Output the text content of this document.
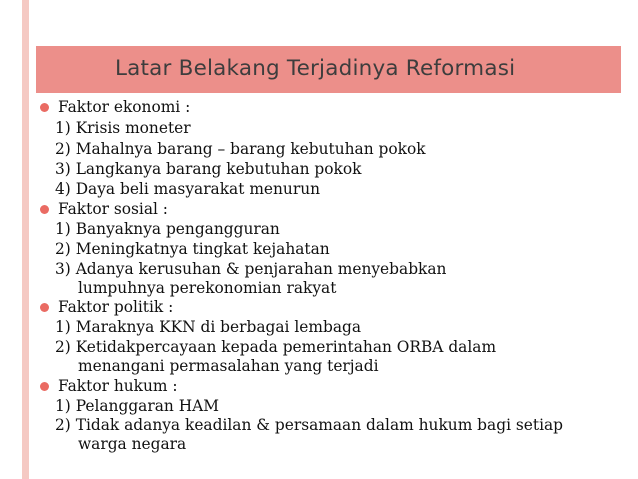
Latar Belakang Terjadinya Reformasi
Faktor ekonomi :
1) Krisis moneter
2) Mahalnya barang – barang kebutuhan pokok
3) Langkanya barang kebutuhan pokok
4) Daya beli masyarakat menurun
Faktor sosial :
1) Banyaknya pengangguran
2) Meningkatnya tingkat kejahatan
3) Adanya kerusuhan & penjarahan menyebabkan
lumpuhnya perekonomian rakyat
Faktor politik :
1) Maraknya KKN di berbagai lembaga
2) Ketidakpercayaan kepada pemerintahan ORBA dalam
menangani permasalahan yang terjadi
Faktor hukum :
1) Pelanggaran HAM
2) Tidak adanya keadilan & persamaan dalam hukum bagi setiap
warga negara
